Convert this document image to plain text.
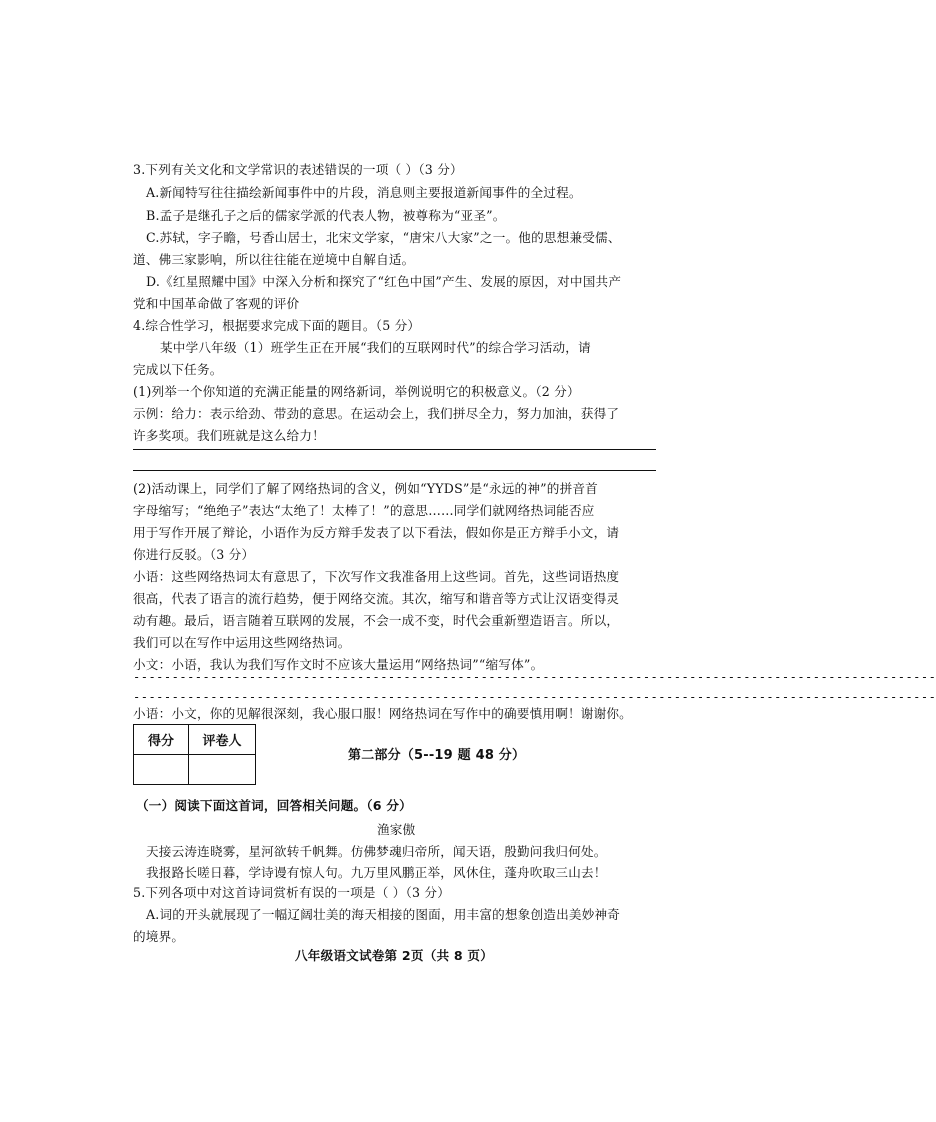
3.下列有关文化和文学常识的表述错误的一项（ ）（3 分）

A.新闻特写往往描绘新闻事件中的片段，消息则主要报道新闻事件的全过程。

B.孟子是继孔子之后的儒家学派的代表人物，被尊称为“亚圣”。

C.苏轼，字子瞻，号香山居士，北宋文学家，“唐宋八大家”之一。他的思想兼受儒、

道、佛三家影响，所以往往能在逆境中自解自适。

D.《红星照耀中国》中深入分析和探究了“红色中国”产生、发展的原因，对中国共产

党和中国革命做了客观的评价

4.综合性学习，根据要求完成下面的题目。（5 分）

某中学八年级（1）班学生正在开展“我们的互联网时代”的综合学习活动，请

完成以下任务。

(1)列举一个你知道的充满正能量的网络新词，举例说明它的积极意义。（2 分）

示例：给力：表示给劲、带劲的意思。在运动会上，我们拼尽全力，努力加油，获得了

许多奖项。我们班就是这么给力！

(2)活动课上，同学们了解了网络热词的含义，例如“YYDS”是“永远的神”的拼音首

字母缩写；“绝绝子”表达“太绝了！太棒了！”的意思……同学们就网络热词能否应

用于写作开展了辩论，小语作为反方辩手发表了以下看法，假如你是正方辩手小文，请

你进行反驳。（3 分）

小语：这些网络热词太有意思了，下次写作文我准备用上这些词。首先，这些词语热度

很高，代表了语言的流行趋势，便于网络交流。其次，缩写和谐音等方式让汉语变得灵

动有趣。最后，语言随着互联网的发展，不会一成不变，时代会重新塑造语言。所以，

我们可以在写作中运用这些网络热词。

小文：小语，我认为我们写作文时不应该大量运用“网络热词”“缩写体”。

--------------------------------------------------------------------------------------------------------
--------------------------------------------------------------------------------------------------------

小语：小文，你的见解很深刻，我心服口服！网络热词在写作中的确要慎用啊！谢谢你。

得分	评卷人

第二部分（5--19 题 48 分）

（一）阅读下面这首词，回答相关问题。（6 分）

渔家傲

天接云涛连晓雾，星河欲转千帆舞。仿佛梦魂归帝所，闻天语，殷勤问我归何处。

我报路长嗟日暮，学诗谩有惊人句。九万里风鹏正举，风休住，蓬舟吹取三山去！

5.下列各项中对这首诗词赏析有误的一项是（ ）（3 分）

A.词的开头就展现了一幅辽阔壮美的海天相接的图面，用丰富的想象创造出美妙神奇

的境界。

八年级语文试卷第 2页（共 8 页）
